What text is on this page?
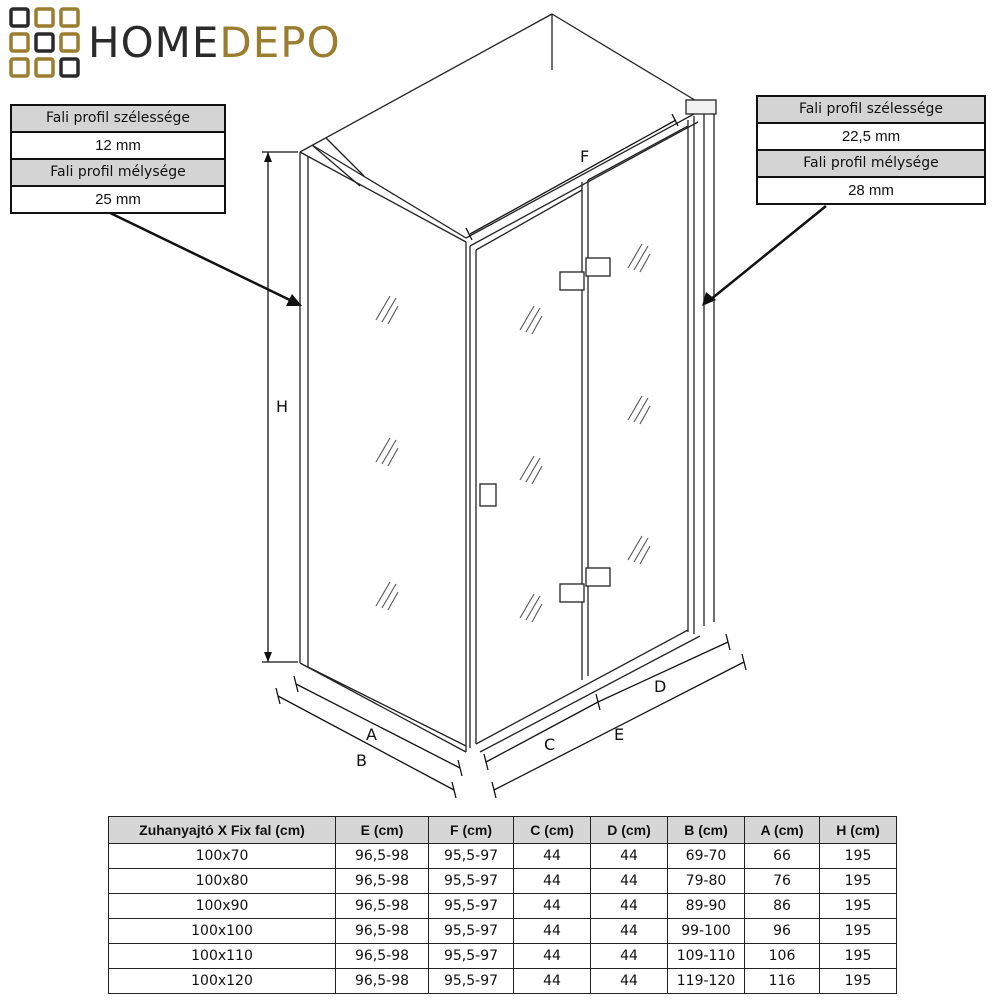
HOMEDEPO
F
H
A
B
C
D
E
Fali profil szélessége
12 mm
Fali profil mélysége
25 mm
Fali profil szélessége
22,5 mm
Fali profil mélysége
28 mm
Zuhanyajtó X Fix fal (cm)	E (cm)	F (cm)	C (cm)	D (cm)	B (cm)	A (cm)	H (cm)
100x70	96,5-98	95,5-97	44	44	69-70	66	195
100x80	96,5-98	95,5-97	44	44	79-80	76	195
100x90	96,5-98	95,5-97	44	44	89-90	86	195
100x100	96,5-98	95,5-97	44	44	99-100	96	195
100x110	96,5-98	95,5-97	44	44	109-110	106	195
100x120	96,5-98	95,5-97	44	44	119-120	116	195
